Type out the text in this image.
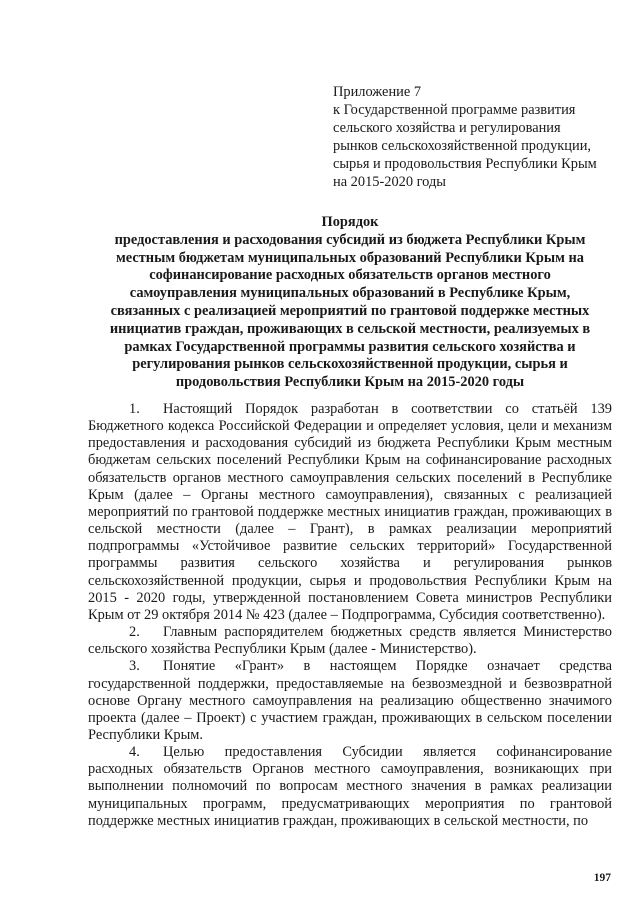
Приложение 7
к Государственной программе развития
сельского хозяйства и регулирования
рынков сельскохозяйственной продукции,
сырья и продовольствия Республики Крым
на 2015-2020 годы
Порядок
предоставления и расходования субсидий из бюджета Республики Крым
местным бюджетам муниципальных образований Республики Крым на
софинансирование расходных обязательств органов местного
самоуправления муниципальных образований в Республике Крым,
связанных с реализацией мероприятий по грантовой поддержке местных
инициатив граждан, проживающих в сельской местности, реализуемых в
рамках Государственной программы развития сельского хозяйства и
регулирования рынков сельскохозяйственной продукции, сырья и
продовольствия Республики Крым на 2015-2020 годы

1. Настоящий Порядок разработан в соответствии со статьёй 139 Бюджетного кодекса Российской Федерации и определяет условия, цели и механизм предоставления и расходования субсидий из бюджета Республики Крым местным бюджетам сельских поселений Республики Крым на софинансирование расходных обязательств органов местного самоуправления сельских поселений в Республике Крым (далее – Органы местного самоуправления), связанных с реализацией мероприятий по грантовой поддержке местных инициатив граждан, проживающих в сельской местности (далее – Грант), в рамках реализации мероприятий подпрограммы «Устойчивое развитие сельских территорий» Государственной программы развития сельского хозяйства и регулирования рынков сельскохозяйственной продукции, сырья и продовольствия Республики Крым на 2015 - 2020 годы, утвержденной постановлением Совета министров Республики Крым от 29 октября 2014 № 423 (далее – Подпрограмма, Субсидия соответственно).

2. Главным распорядителем бюджетных средств является Министерство сельского хозяйства Республики Крым (далее - Министерство).

3. Понятие «Грант» в настоящем Порядке означает средства государственной поддержки, предоставляемые на безвозмездной и безвозвратной основе Органу местного самоуправления на реализацию общественно значимого проекта (далее – Проект) с участием граждан, проживающих в сельском поселении Республики Крым.

4. Целью предоставления Субсидии является софинансирование расходных обязательств Органов местного самоуправления, возникающих при выполнении полномочий по вопросам местного значения в рамках реализации муниципальных программ, предусматривающих мероприятия по грантовой поддержке местных инициатив граждан, проживающих в сельской местности, по

197
